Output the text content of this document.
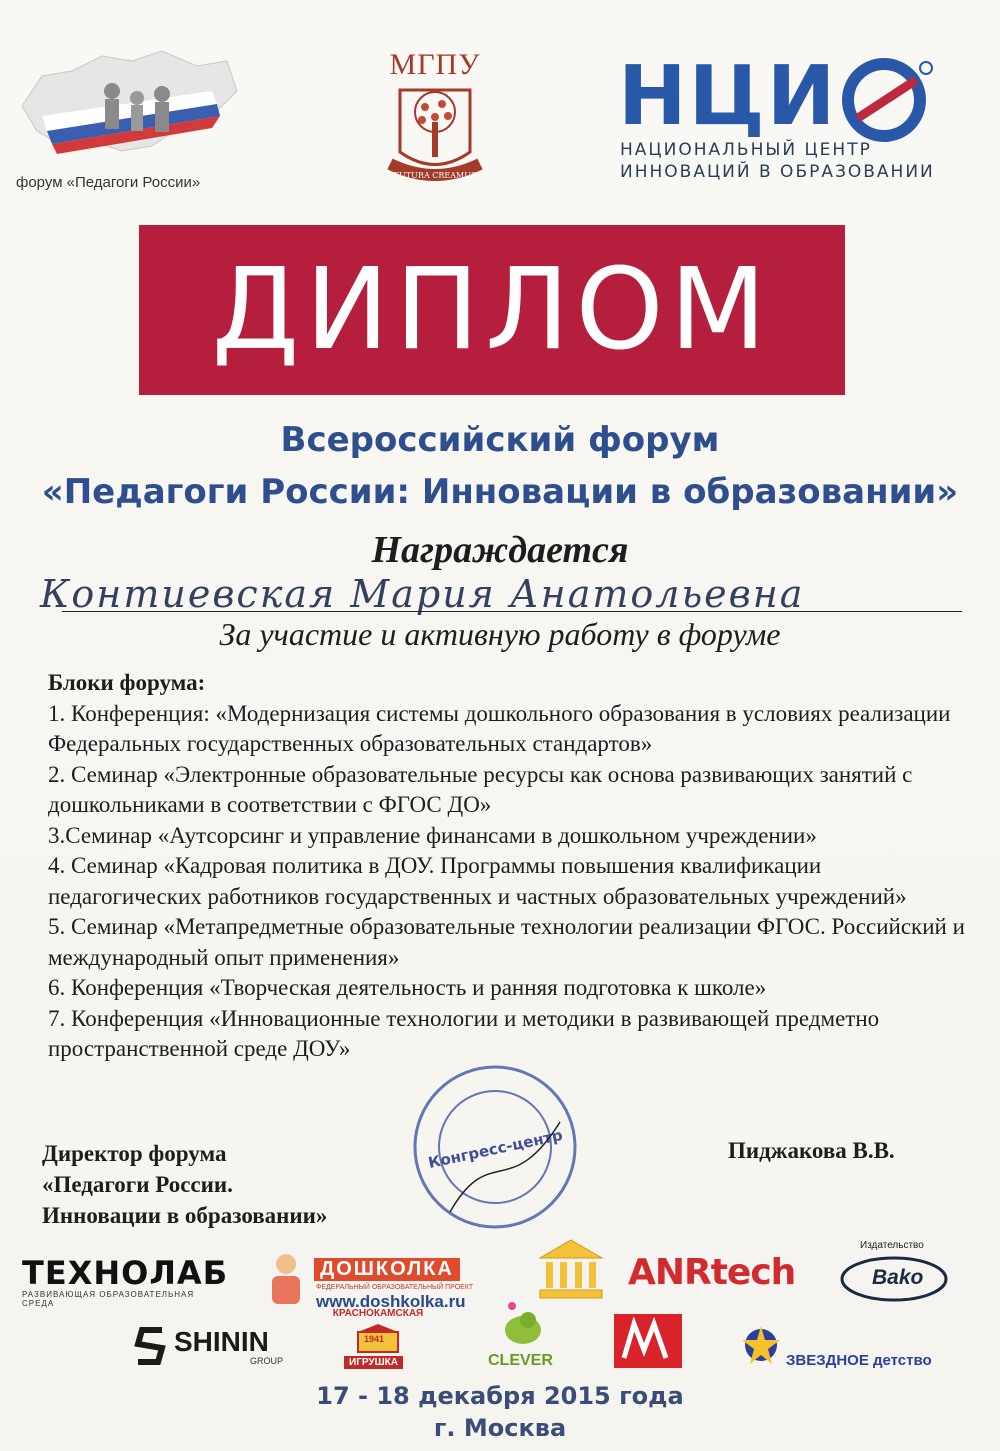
форум «Педагоги России»
МГПУ
FUTURA CREAMUS
НЦИ
НАЦИОНАЛЬНЫЙ ЦЕНТР
ИННОВАЦИЙ В ОБРАЗОВАНИИ
ДИПЛОМ
Всероссийский форум
«Педагоги России: Инновации в образовании»
Награждается
Контиевская Мария Анатольевна
За участие и активную работу в форуме
Блоки форума:

1. Конференция: «Модернизация системы дошкольного образования в условиях реализации Федеральных государственных образовательных стандартов»

2. Семинар «Электронные образовательные ресурсы как основа развивающих занятий с дошкольниками в соответствии с ФГОС ДО»

3.Семинар «Аутсорсинг и управление финансами в дошкольном учреждении»

4. Семинар «Кадровая политика в ДОУ. Программы повышения квалификации педагогических работников государственных и частных образовательных учреждений»

5. Семинар «Метапредметные образовательные технологии реализации ФГОС. Российский и международный опыт применения»

6. Конференция «Творческая деятельность и ранняя подготовка к школе»

7. Конференция «Инновационные технологии и методики в развивающей предметно пространственной среде ДОУ»

Директор форума
«Педагоги России.
Инновации в образовании»
Пиджакова В.В.
Конгресс-центр
ТЕХНОЛАБ
РАЗВИВАЮЩАЯ ОБРАЗОВАТЕЛЬНАЯ СРЕДА
ДОШКОЛКА
ФЕДЕРАЛЬНЫЙ ОБРАЗОВАТЕЛЬНЫЙ ПРОЕКТ
www.doshkolka.ru
ANRtech
Издательство
Bako
SHININ
GROUP
КРАСНОКАМСКАЯ
1941
ИГРУШКА	CLEVER	ЗВЕЗДНОЕ детство
17 - 18 декабря 2015 года
г. Москва
